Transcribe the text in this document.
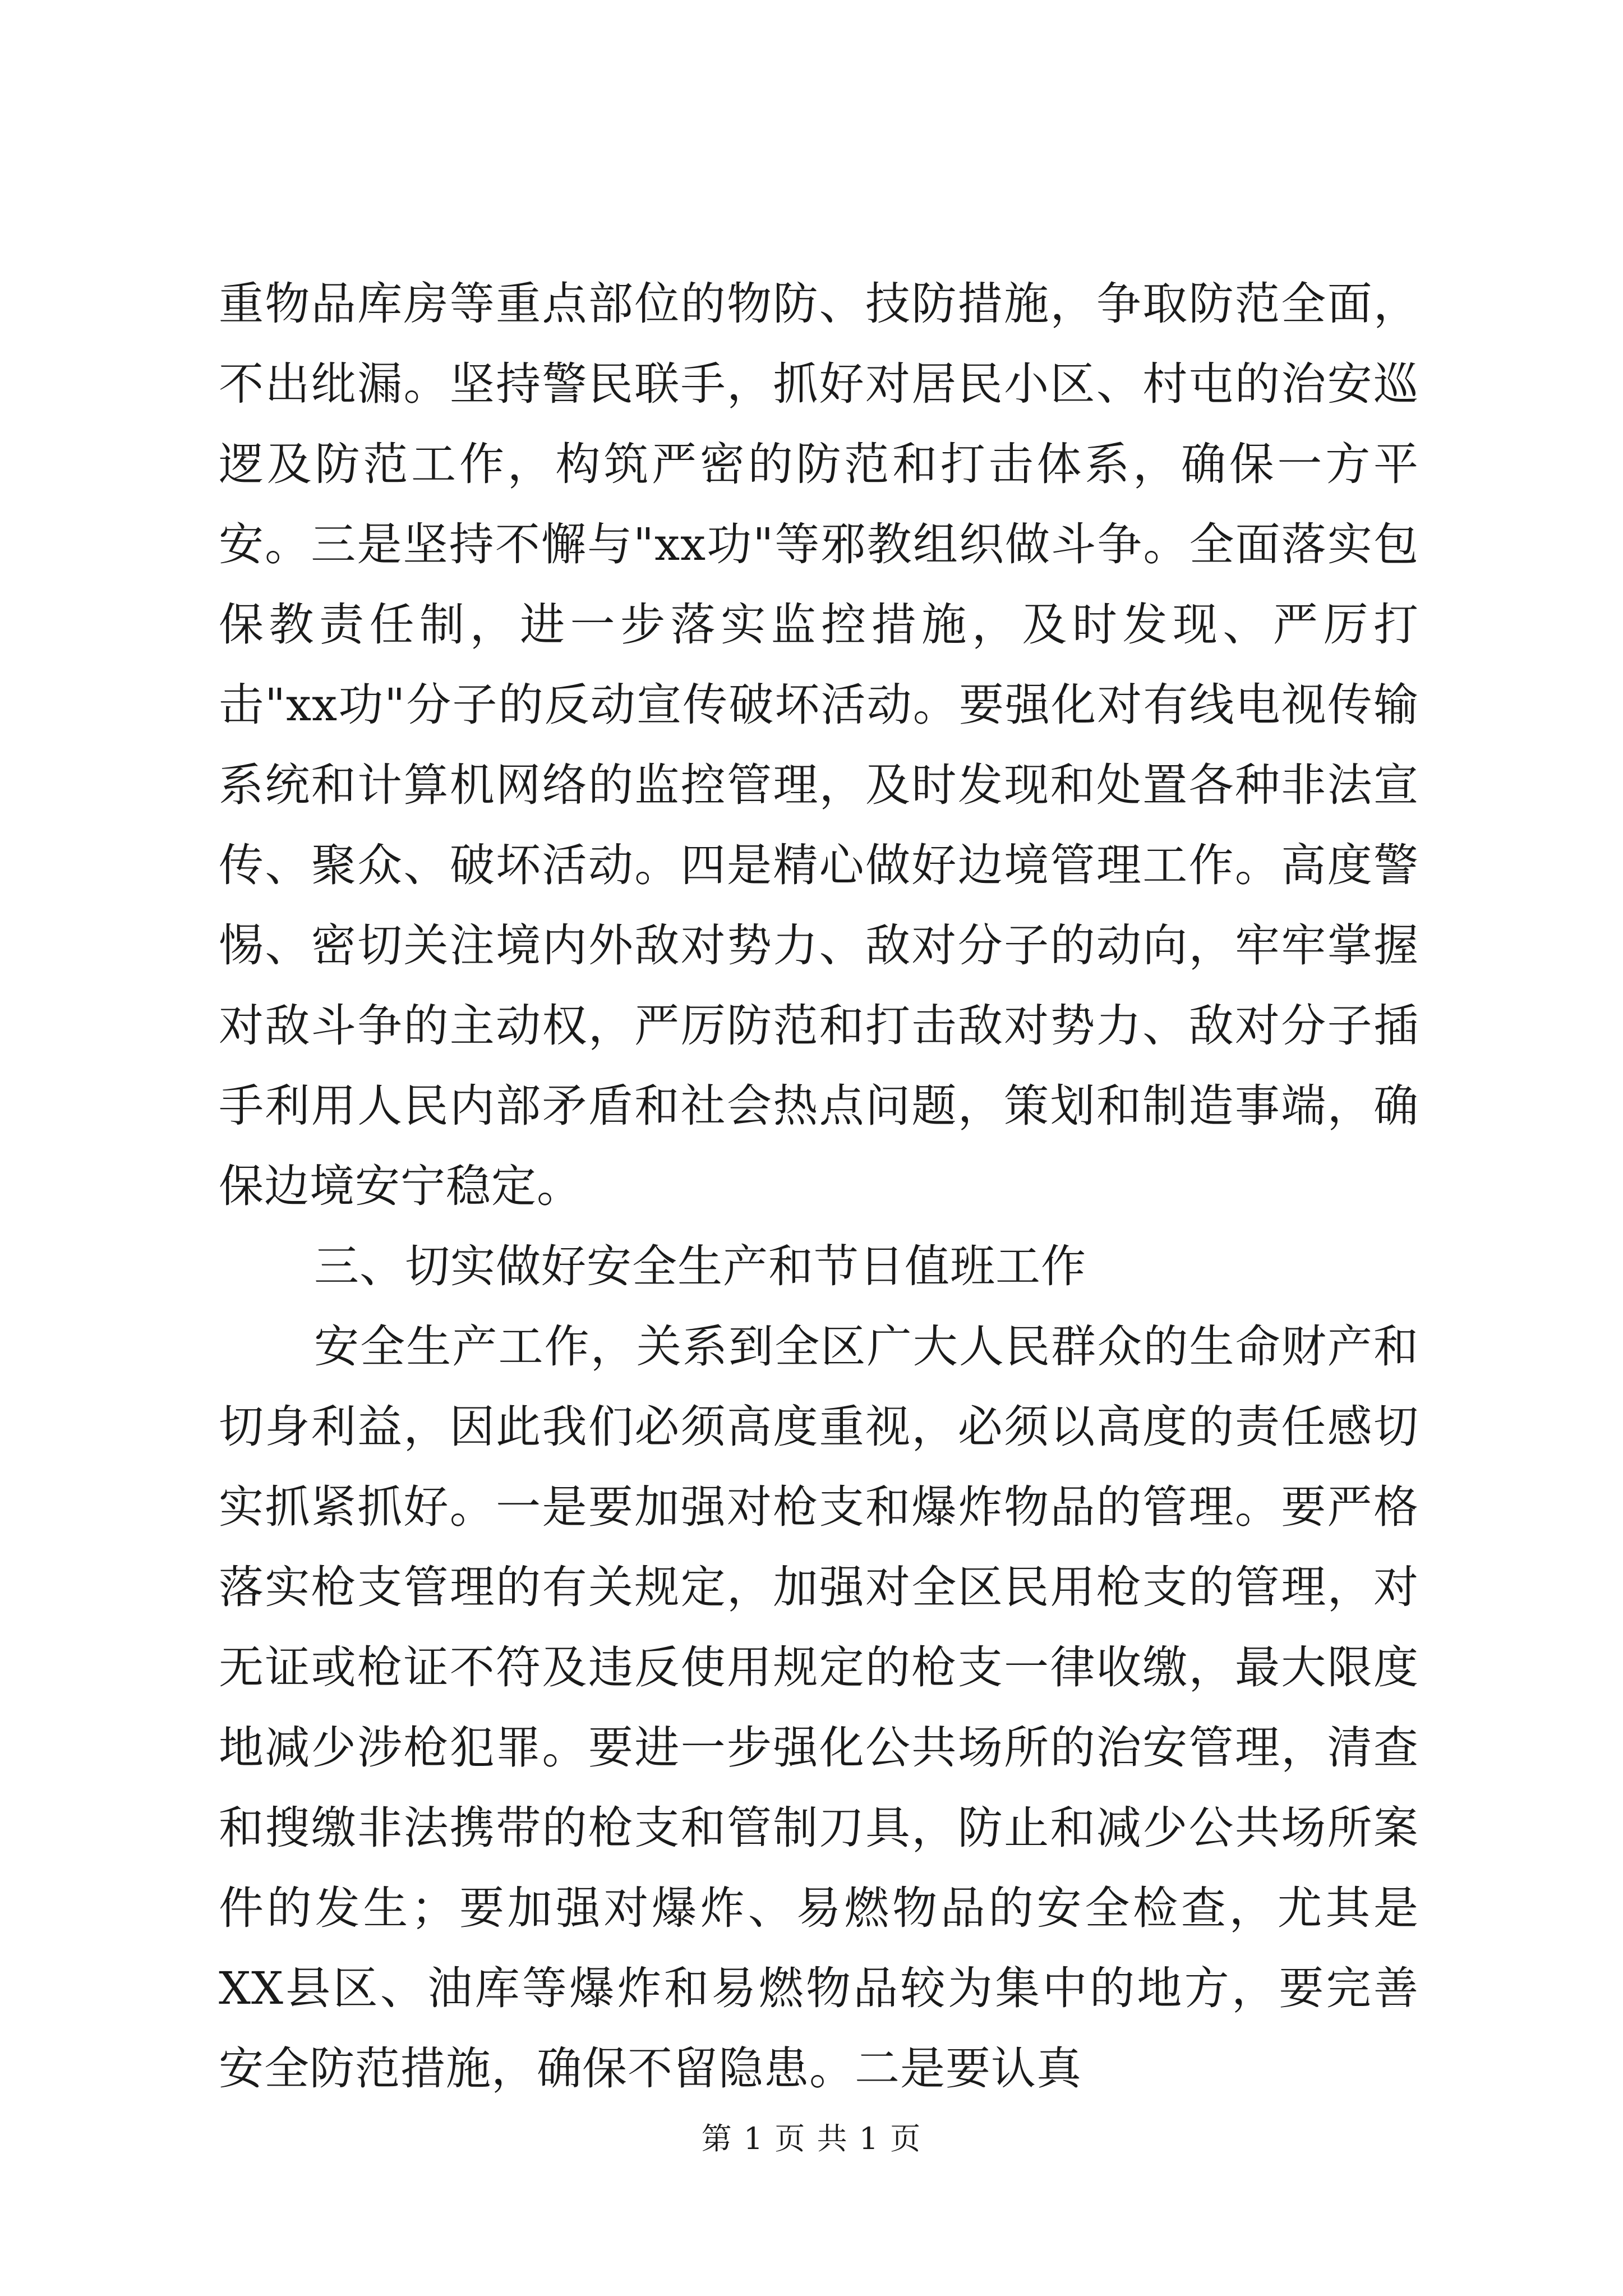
重物品库房等重点部位的物防、技防措施，争取防范全面，不出纰漏。坚持警民联手，抓好对居民小区、村屯的治安巡逻及防范工作，构筑严密的防范和打击体系，确保一方平安。三是坚持不懈与"xx功"等邪教组织做斗争。全面落实包保教责任制，进一步落实监控措施，及时发现、严厉打击"xx功"分子的反动宣传破坏活动。要强化对有线电视传输系统和计算机网络的监控管理，及时发现和处置各种非法宣传、聚众、破坏活动。四是精心做好边境管理工作。高度警惕、密切关注境内外敌对势力、敌对分子的动向，牢牢掌握对敌斗争的主动权，严厉防范和打击敌对势力、敌对分子插手利用人民内部矛盾和社会热点问题，策划和制造事端，确保边境安宁稳定。

三、切实做好安全生产和节日值班工作

安全生产工作，关系到全区广大人民群众的生命财产和切身利益，因此我们必须高度重视，必须以高度的责任感切实抓紧抓好。一是要加强对枪支和爆炸物品的管理。要严格落实枪支管理的有关规定，加强对全区民用枪支的管理，对无证或枪证不符及违反使用规定的枪支一律收缴，最大限度地减少涉枪犯罪。要进一步强化公共场所的治安管理，清查和搜缴非法携带的枪支和管制刀具，防止和减少公共场所案件的发生；要加强对爆炸、易燃物品的安全检查，尤其是XX县区、油库等爆炸和易燃物品较为集中的地方，要完善安全防范措施，确保不留隐患。二是要认真

第 1 页 共 1 页
